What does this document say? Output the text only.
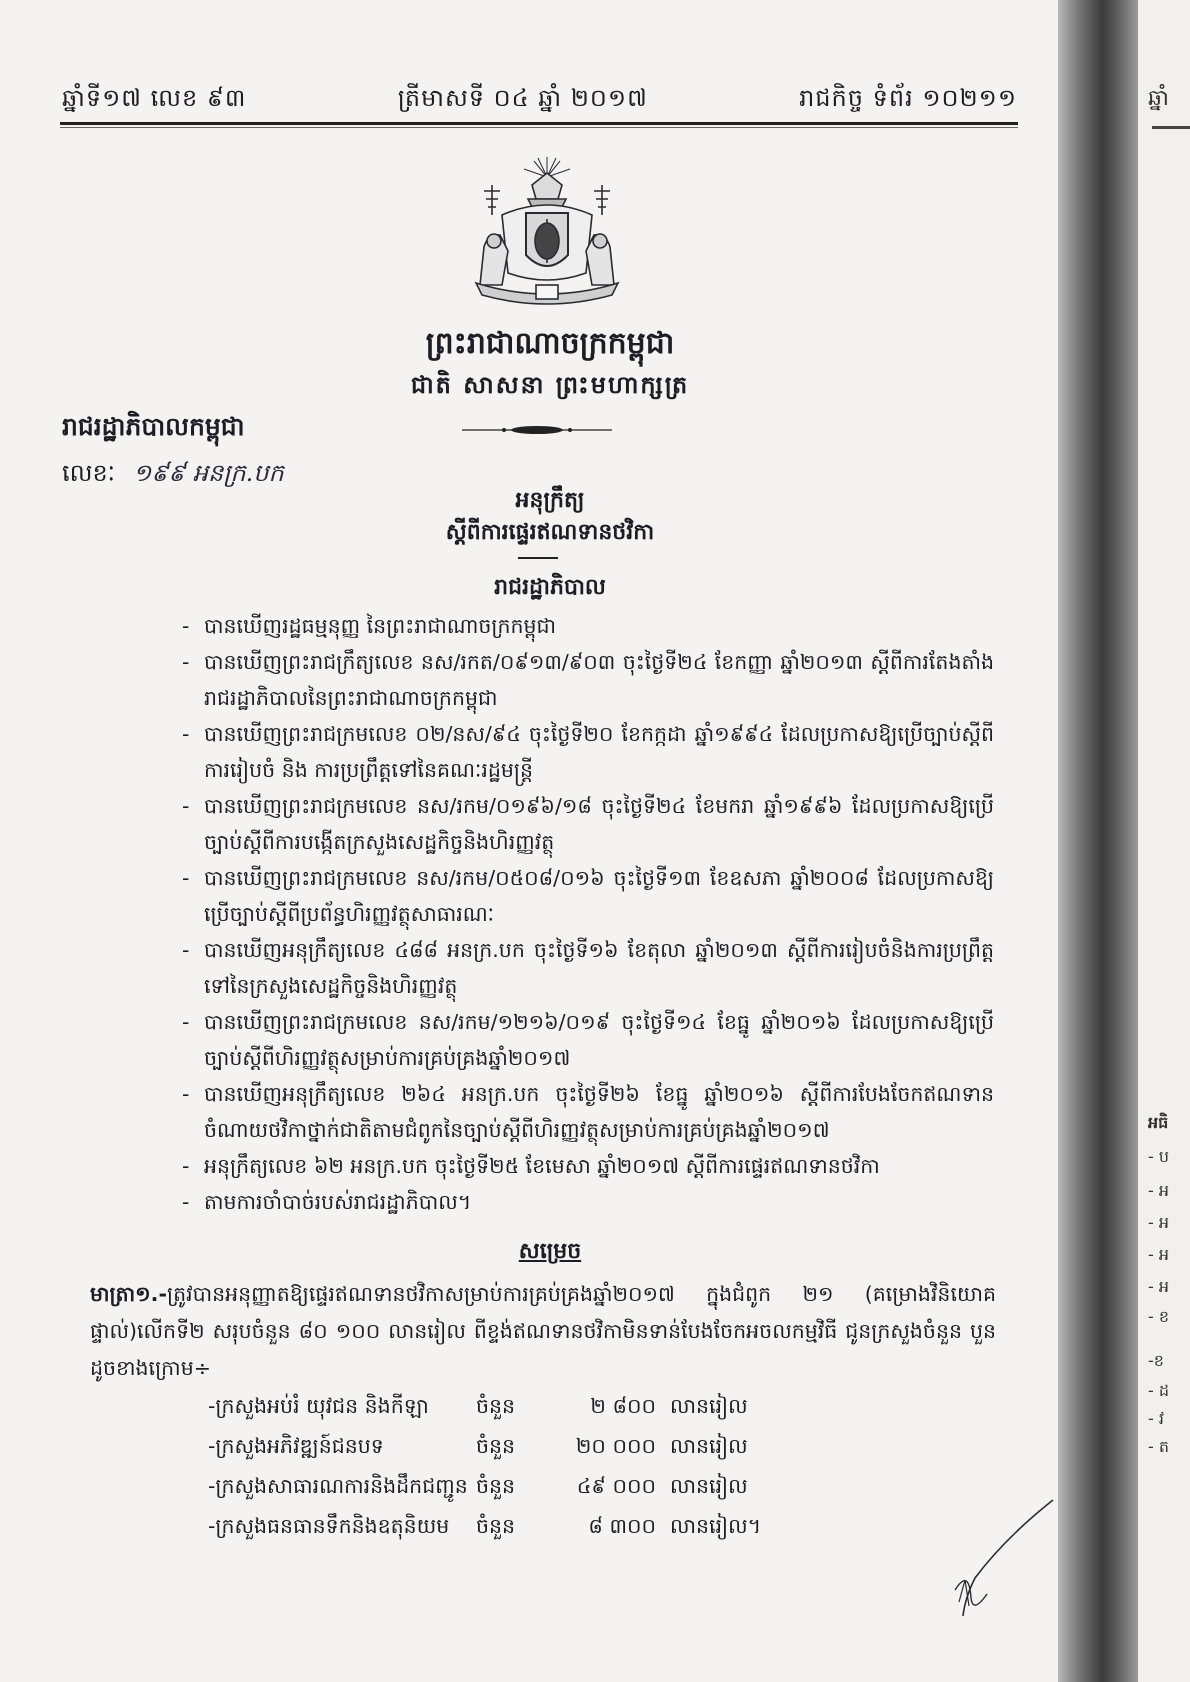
ឆ្នាំទី១៧ លេខ ៩៣	ត្រីមាសទី ០៤ ឆ្នាំ ២០១៧	រាជកិច្ច ទំព័រ ១០២១១
ព្រះរាជាណាចក្រកម្ពុជា
ជាតិ សាសនា ព្រះមហាក្សត្រ
រាជរដ្ឋាភិបាលកម្ពុជា
លេខៈ ១៩៩ អនក្រ.បក
អនុក្រឹត្យ
ស្ដីពីការផ្ទេរឥណទានថវិកា
រាជរដ្ឋាភិបាល
- បានឃើញរដ្ឋធម្មនុញ្ញ នៃព្រះរាជាណាចក្រកម្ពុជា
- បានឃើញព្រះរាជក្រឹត្យលេខ នស/រកត/០៩១៣/៩០៣ ចុះថ្ងៃទី២៤ ខែកញ្ញា ឆ្នាំ២០១៣ ស្ដីពីការតែងតាំងរាជរដ្ឋាភិបាលនៃព្រះរាជាណាចក្រកម្ពុជា
- បានឃើញព្រះរាជក្រមលេខ ០២/នស/៩៤ ចុះថ្ងៃទី២០ ខែកក្កដា ឆ្នាំ១៩៩៤ ដែលប្រកាសឱ្យប្រើច្បាប់ស្ដីពីការរៀបចំ និង ការប្រព្រឹត្តទៅនៃគណៈរដ្ឋមន្ត្រី
- បានឃើញព្រះរាជក្រមលេខ នស/រកម/០១៩៦/១៨ ចុះថ្ងៃទី២៤ ខែមករា ឆ្នាំ១៩៩៦ ដែលប្រកាសឱ្យប្រើច្បាប់ស្ដីពីការបង្កើតក្រសួងសេដ្ឋកិច្ចនិងហិរញ្ញវត្ថុ
- បានឃើញព្រះរាជក្រមលេខ នស/រកម/០៥០៨/០១៦ ចុះថ្ងៃទី១៣ ខែឧសភា ឆ្នាំ២០០៨ ដែលប្រកាសឱ្យប្រើច្បាប់ស្ដីពីប្រព័ន្ធហិរញ្ញវត្ថុសាធារណៈ
- បានឃើញអនុក្រឹត្យលេខ ៤៨៨ អនក្រ.បក ចុះថ្ងៃទី១៦ ខែតុលា ឆ្នាំ២០១៣ ស្ដីពីការរៀបចំនិងការប្រព្រឹត្តទៅនៃក្រសួងសេដ្ឋកិច្ចនិងហិរញ្ញវត្ថុ
- បានឃើញព្រះរាជក្រមលេខ នស/រកម/១២១៦/០១៩ ចុះថ្ងៃទី១៤ ខែធ្នូ ឆ្នាំ២០១៦ ដែលប្រកាសឱ្យប្រើច្បាប់ស្ដីពីហិរញ្ញវត្ថុសម្រាប់ការគ្រប់គ្រងឆ្នាំ២០១៧
- បានឃើញអនុក្រឹត្យលេខ ២៦៤ អនក្រ.បក ចុះថ្ងៃទី២៦ ខែធ្នូ ឆ្នាំ២០១៦ ស្ដីពីការបែងចែកឥណទានចំណាយថវិកាថ្នាក់ជាតិតាមជំពូកនៃច្បាប់ស្ដីពីហិរញ្ញវត្ថុសម្រាប់ការគ្រប់គ្រងឆ្នាំ២០១៧
- អនុក្រឹត្យលេខ ៦២ អនក្រ.បក ចុះថ្ងៃទី២៥ ខែមេសា ឆ្នាំ២០១៧ ស្ដីពីការផ្ទេរឥណទានថវិកា
- តាមការចាំបាច់របស់រាជរដ្ឋាភិបាល។
សម្រេច
មាត្រា១.-ត្រូវបានអនុញ្ញាតឱ្យផ្ទេរឥណទានថវិកាសម្រាប់ការគ្រប់គ្រងឆ្នាំ២០១៧ ក្នុងជំពូក ២១ (គម្រោងវិនិយោគផ្ទាល់)លើកទី២ សរុបចំនួន ៨០ ១០០ លានរៀល ពីខ្ទង់ឥណទានថវិកាមិនទាន់បែងចែកអចលកម្មវិធី ជូនក្រសួងចំនួន បួន ដូចខាងក្រោម÷
-ក្រសួងអប់រំ យុវជន និងកីឡា	ចំនួន	២ ៨០០ លានរៀល
-ក្រសួងអភិវឌ្ឍន៍ជនបទ	ចំនួន	២០ ០០០ លានរៀល
-ក្រសួងសាធារណការនិងដឹកជញ្ជូន ចំនួន	៤៩ ០០០ លានរៀល
-ក្រសួងធនធានទឹកនិងឧតុនិយម	ចំនួន	៨ ៣០០ លានរៀល។
ឆ្នាំ
អធិ
- ប
- អ
- អ
- អ
- អ
- ខ
-ខ
- ដ
- វ
- ត
